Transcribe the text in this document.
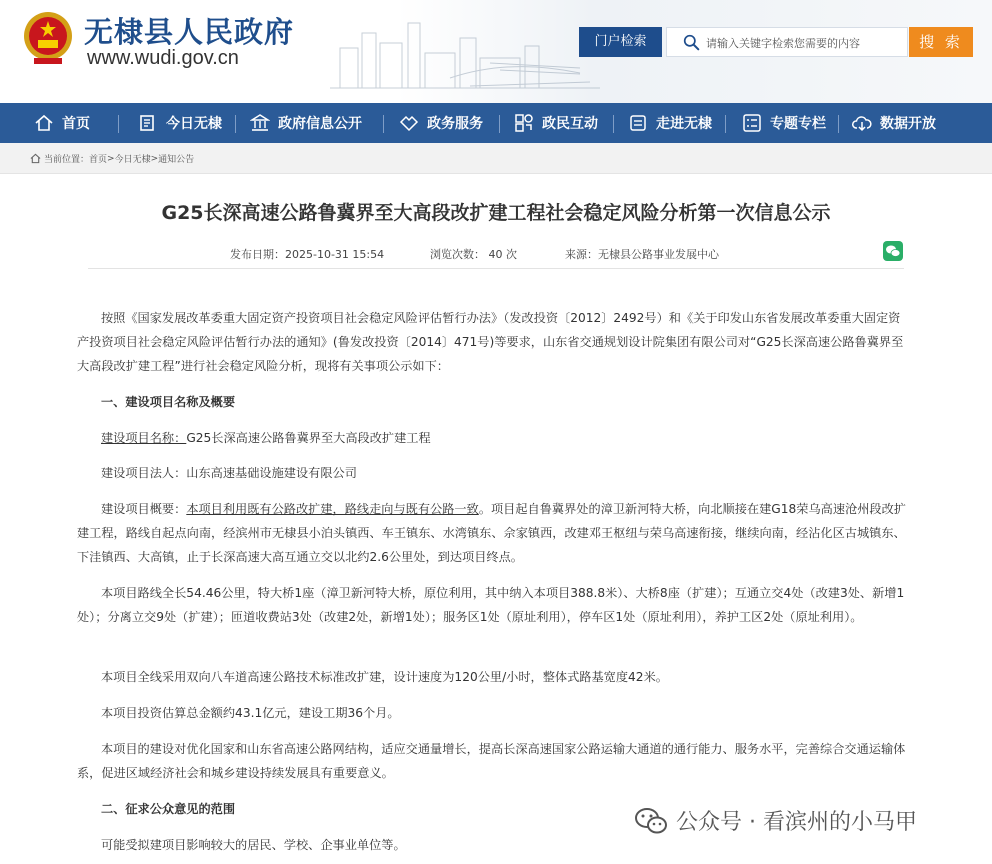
无棣县人民政府
www.wudi.gov.cn
门户检索
请输入关键字检索您需要的内容	搜 索
首页	今日无棣	政府信息公开	政务服务	政民互动	走进无棣	专题专栏	数据开放
当前位置： 首页 > 今日无棣 > 通知公告
G25长深高速公路鲁冀界至大高段改扩建工程社会稳定风险分析第一次信息公示
发布日期：2025-10-31 15:54	浏览次数： 40 次	来源：无棣县公路事业发展中心
按照《国家发展改革委重大固定资产投资项目社会稳定风险评估暂行办法》（发改投资〔2012〕2492号）和《关于印发山东省发展改革委重大固定资产投资项目社会稳定风险评估暂行办法的通知》(鲁发改投资〔2014〕471号)等要求，山东省交通规划设计院集团有限公司对“G25长深高速公路鲁冀界至大高段改扩建工程”进行社会稳定风险分析，现将有关事项公示如下：
一、建设项目名称及概要
建设项目名称：G25长深高速公路鲁冀界至大高段改扩建工程
建设项目法人：山东高速基础设施建设有限公司
建设项目概要：本项目利用既有公路改扩建，路线走向与既有公路一致。项目起自鲁冀界处的漳卫新河特大桥，向北顺接在建G18荣乌高速沧州段改扩建工程，路线自起点向南，经滨州市无棣县小泊头镇西、车王镇东、水湾镇东、佘家镇西，改建邓王枢纽与荣乌高速衔接，继续向南，经沾化区古城镇东、下洼镇西、大高镇，止于长深高速大高互通立交以北约2.6公里处，到达项目终点。
本项目路线全长54.46公里，特大桥1座（漳卫新河特大桥，原位利用，其中纳入本项目388.8米）、大桥8座（扩建）；互通立交4处（改建3处、新增1处）；分离立交9处（扩建）；匝道收费站3处（改建2处，新增1处）；服务区1处（原址利用），停车区1处（原址利用），养护工区2处（原址利用）。
本项目全线采用双向八车道高速公路技术标准改扩建，设计速度为120公里/小时，整体式路基宽度42米。
本项目投资估算总金额约43.1亿元，建设工期36个月。
本项目的建设对优化国家和山东省高速公路网结构，适应交通量增长，提高长深高速国家公路运输大通道的通行能力、服务水平，完善综合交通运输体系，促进区域经济社会和城乡建设持续发展具有重要意义。
二、征求公众意见的范围
可能受拟建项目影响较大的居民、学校、企事业单位等。
公众号 · 看滨州的小马甲
